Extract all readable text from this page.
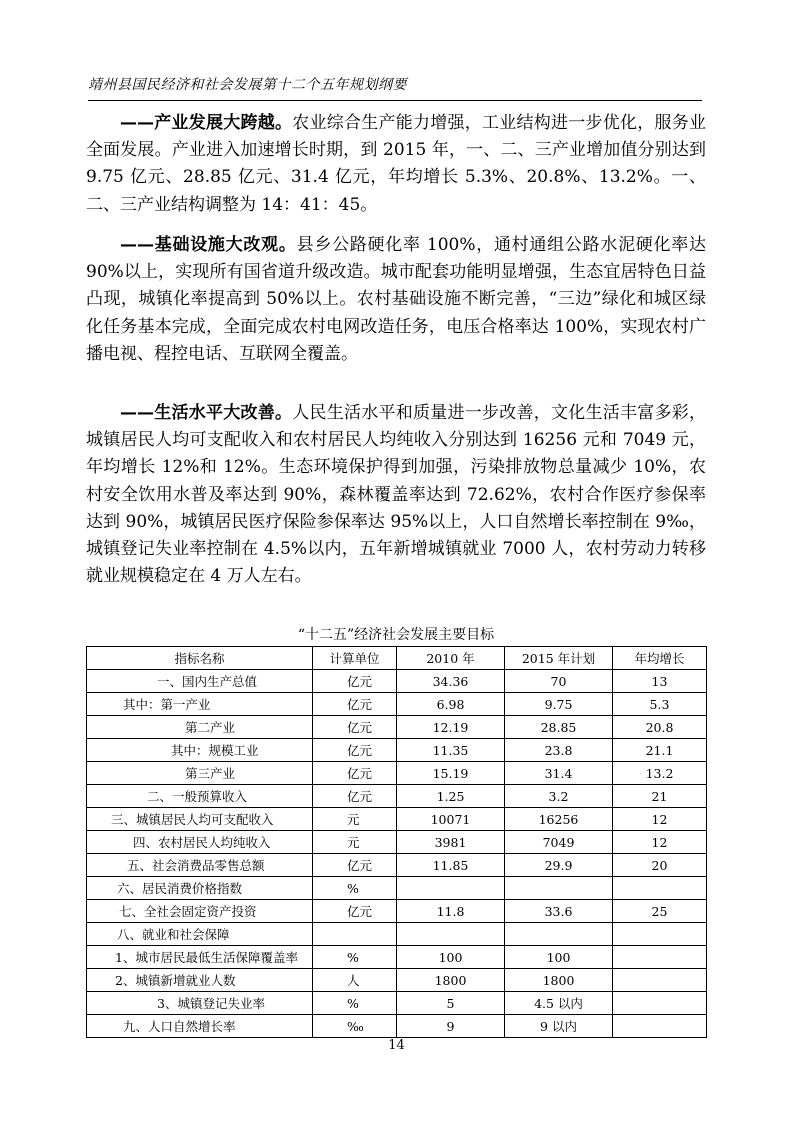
靖州县国民经济和社会发展第十二个五年规划纲要
——产业发展大跨越。农业综合生产能力增强，工业结构进一步优化，服务业全面发展。产业进入加速增长时期，到 2015 年，一、二、三产业增加值分别达到 9.75 亿元、28.85 亿元、31.4 亿元，年均增长 5.3%、20.8%、13.2%。一、二、三产业结构调整为 14：41：45。
——基础设施大改观。县乡公路硬化率 100%，通村通组公路水泥硬化率达 90%以上，实现所有国省道升级改造。城市配套功能明显增强，生态宜居特色日益凸现，城镇化率提高到 50%以上。农村基础设施不断完善，“三边”绿化和城区绿化任务基本完成，全面完成农村电网改造任务，电压合格率达 100%，实现农村广播电视、程控电话、互联网全覆盖。
——生活水平大改善。人民生活水平和质量进一步改善，文化生活丰富多彩，城镇居民人均可支配收入和农村居民人均纯收入分别达到 16256 元和 7049 元，年均增长 12%和 12%。生态环境保护得到加强，污染排放物总量减少 10%，农村安全饮用水普及率达到 90%，森林覆盖率达到 72.62%，农村合作医疗参保率达到 90%，城镇居民医疗保险参保率达 95%以上，人口自然增长率控制在 9‰，城镇登记失业率控制在 4.5%以内，五年新增城镇就业 7000 人，农村劳动力转移就业规模稳定在 4 万人左右。
“十二五”经济社会发展主要目标
指标名称	计算单位	2010 年	2015 年计划	年均增长
一、国内生产总值	亿元	34.36	70	13
其中：第一产业	亿元	6.98	9.75	5.3
第二产业	亿元	12.19	28.85	20.8
其中：规模工业	亿元	11.35	23.8	21.1
第三产业	亿元	15.19	31.4	13.2
二、一般预算收入	亿元	1.25	3.2	21
三、城镇居民人均可支配收入	元	10071	16256	12
四、农村居民人均纯收入	元	3981	7049	12
五、社会消费品零售总额	亿元	11.85	29.9	20
六、居民消费价格指数	%			
七、全社会固定资产投资	亿元	11.8	33.6	25
八、就业和社会保障				
1、城市居民最低生活保障覆盖率	%	100	100	
2、城镇新增就业人数	人	1800	1800	
3、城镇登记失业率	%	5	4.5 以内	
九、人口自然增长率	‰	9	9 以内	
14
